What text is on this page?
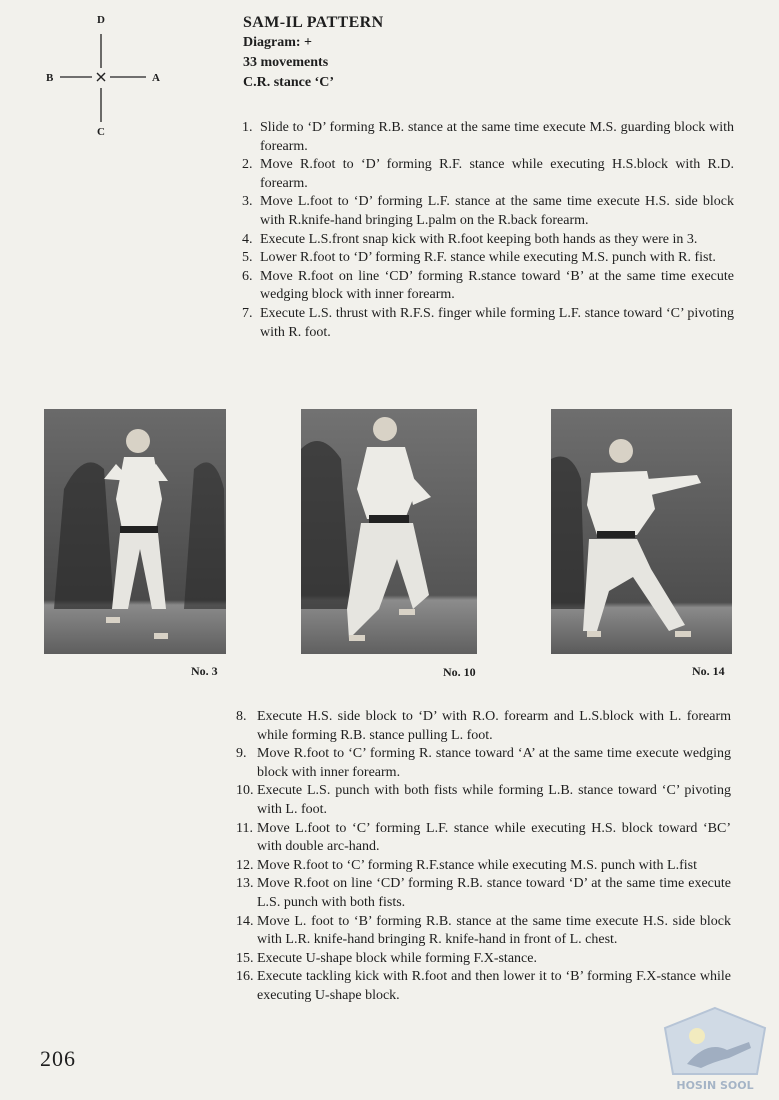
D
C
B	A
SAM-IL PATTERN
Diagram: +
33 movements
C.R. stance ‘C’
1. Slide to ‘D’ forming R.B. stance at the same time execute M.S. guarding block with forearm.
2. Move R.foot to ‘D’ forming R.F. stance while executing H.S.block with R.D. forearm.
3. Move L.foot to ‘D’ forming L.F. stance at the same time execute H.S. side block with R.knife-hand bringing L.palm on the R.back forearm.
4. Execute L.S.front snap kick with R.foot keeping both hands as they were in 3.
5. Lower R.foot to ‘D’ forming R.F. stance while executing M.S. punch with R. fist.
6. Move R.foot on line ‘CD’ forming R.stance toward ‘B’ at the same time execute wedging block with inner forearm.
7. Execute L.S. thrust with R.F.S. finger while forming L.F. stance toward ‘C’ pivoting with R. foot.
No. 3	No. 10	No. 14
8. Execute H.S. side block to ‘D’ with R.O. forearm and L.S.block with L. forearm while forming R.B. stance pulling L. foot.
9. Move R.foot to ‘C’ forming R. stance toward ‘A’ at the same time execute wedging block with inner forearm.
10. Execute L.S. punch with both fists while forming L.B. stance toward ‘C’ pivoting with L. foot.
11. Move L.foot to ‘C’ forming L.F. stance while executing H.S. block toward ‘BC’ with double arc-hand.
12. Move R.foot to ‘C’ forming R.F.stance while executing M.S. punch with L.fist
13. Move R.foot on line ‘CD’ forming R.B. stance toward ‘D’ at the same time execute L.S. punch with both fists.
14. Move L. foot to ‘B’ forming R.B. stance at the same time execute H.S. side block with L.R. knife-hand bringing R. knife-hand in front of L. chest.
15. Execute U-shape block while forming F.X-stance.
16. Execute tackling kick with R.foot and then lower it to ‘B’ forming F.X-stance while executing U-shape block.
206
HOSIN SOOL
